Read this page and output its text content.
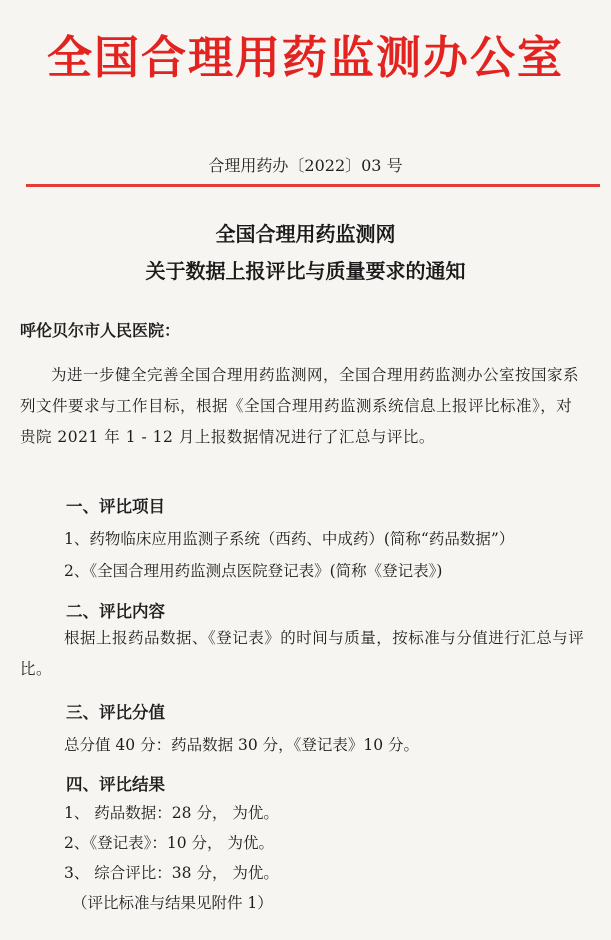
全国合理用药监测办公室
合理用药办〔2022〕03 号
全国合理用药监测网
关于数据上报评比与质量要求的通知
呼伦贝尔市人民医院：

为进一步健全完善全国合理用药监测网，全国合理用药监测办公室按国家系列文件要求与工作目标，根据《全国合理用药监测系统信息上报评比标准》，对贵院 2021 年 1 - 12 月上报数据情况进行了汇总与评比。

一、评比项目
1、药物临床应用监测子系统（西药、中成药）(简称“药品数据”）
2、《全国合理用药监测点医院登记表》(简称《登记表》)
二、评比内容

根据上报药品数据、《登记表》的时间与质量，按标准与分值进行汇总与评比。

三、评比分值
总分值 40 分：药品数据 30 分，《登记表》10 分。
四、评比结果
1、 药品数据：28 分， 为优。
2、《登记表》：10 分， 为优。
3、 综合评比：38 分， 为优。
（评比标准与结果见附件 1）
